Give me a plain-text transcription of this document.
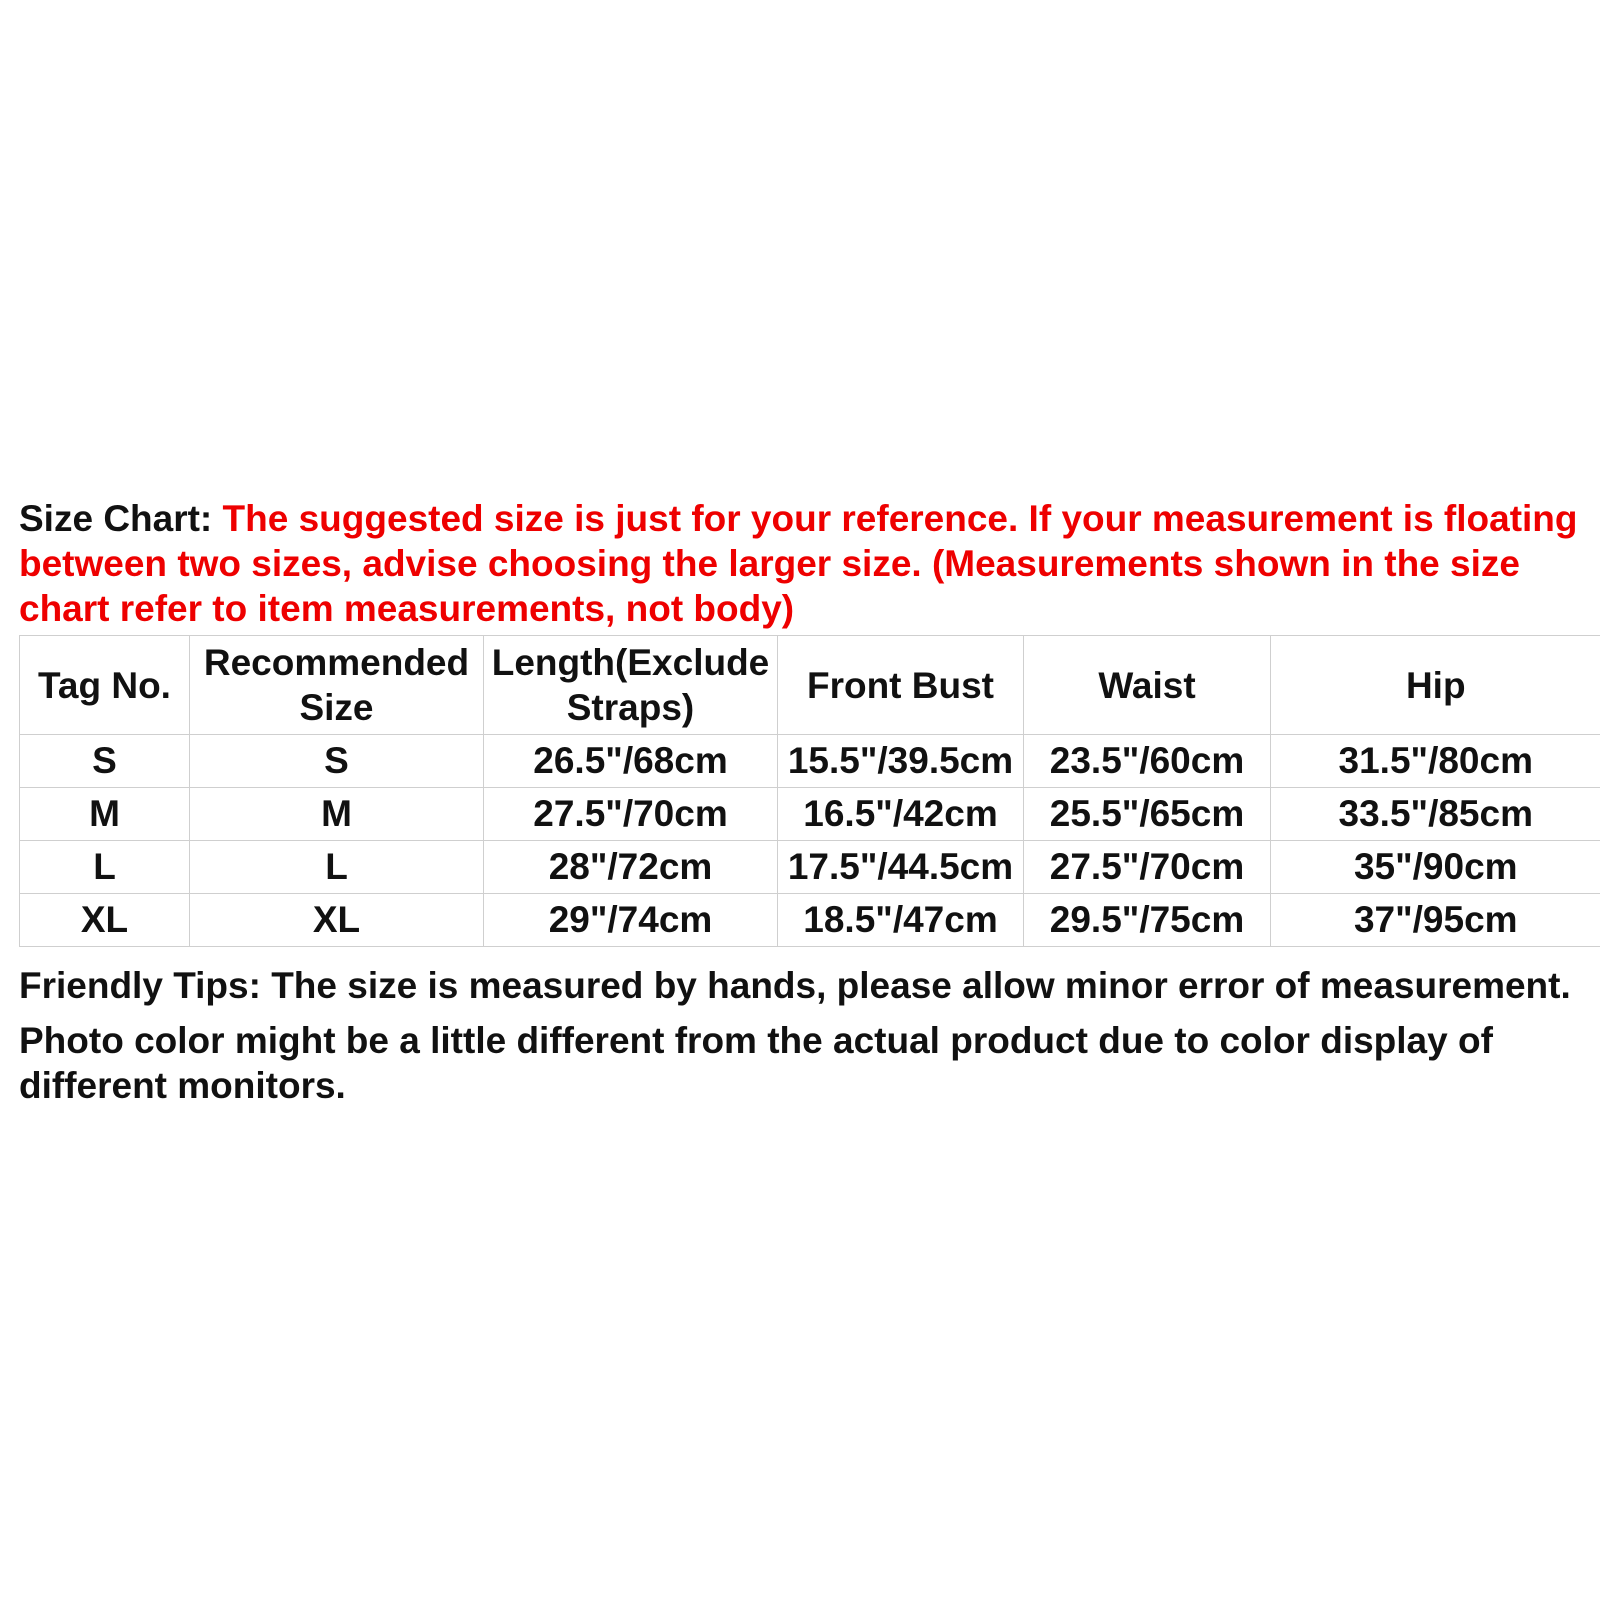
Size Chart: The suggested size is just for your reference. If your measurement is floating between two sizes, advise choosing the larger size. (Measurements shown in the size chart refer to item measurements, not body)

Tag No.	Recommended Size	Length(Exclude Straps)	Front Bust	Waist	Hip
S	S	26.5"/68cm	15.5"/39.5cm	23.5"/60cm	31.5"/80cm
M	M	27.5"/70cm	16.5"/42cm	25.5"/65cm	33.5"/85cm
L	L	28"/72cm	17.5"/44.5cm	27.5"/70cm	35"/90cm
XL	XL	29"/74cm	18.5"/47cm	29.5"/75cm	37"/95cm

Friendly Tips: The size is measured by hands, please allow minor error of measurement.

Photo color might be a little different from the actual product due to color display of different monitors.
